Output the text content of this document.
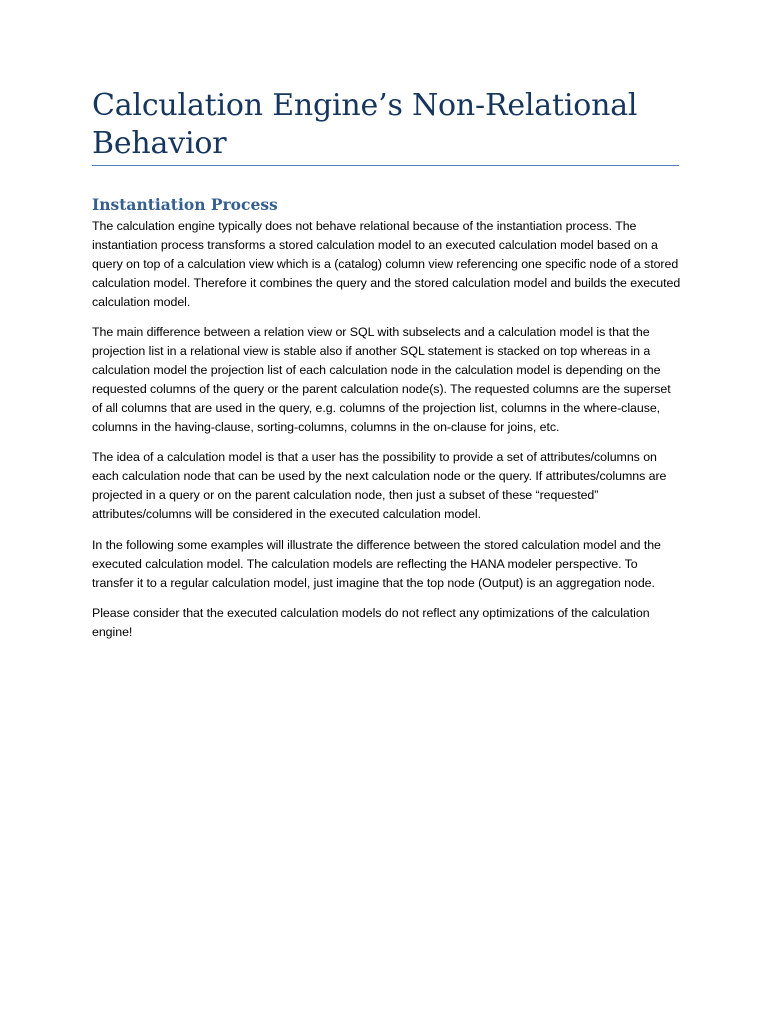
Calculation Engine’s Non-Relational Behavior
Instantiation Process

The calculation engine typically does not behave relational because of the instantiation process. The instantiation process transforms a stored calculation model to an executed calculation model based on a query on top of a calculation view which is a (catalog) column view referencing one specific node of a stored calculation model. Therefore it combines the query and the stored calculation model and builds the executed calculation model.

The main difference between a relation view or SQL with subselects and a calculation model is that the projection list in a relational view is stable also if another SQL statement is stacked on top whereas in a calculation model the projection list of each calculation node in the calculation model is depending on the requested columns of the query or the parent calculation node(s). The requested columns are the superset of all columns that are used in the query, e.g. columns of the projection list, columns in the where-clause, columns in the having-clause, sorting-columns, columns in the on-clause for joins, etc.

The idea of a calculation model is that a user has the possibility to provide a set of attributes/columns on each calculation node that can be used by the next calculation node or the query. If attributes/columns are projected in a query or on the parent calculation node, then just a subset of these “requested” attributes/columns will be considered in the executed calculation model.

In the following some examples will illustrate the difference between the stored calculation model and the executed calculation model. The calculation models are reflecting the HANA modeler perspective. To transfer it to a regular calculation model, just imagine that the top node (Output) is an aggregation node.

Please consider that the executed calculation models do not reflect any optimizations of the calculation engine!
